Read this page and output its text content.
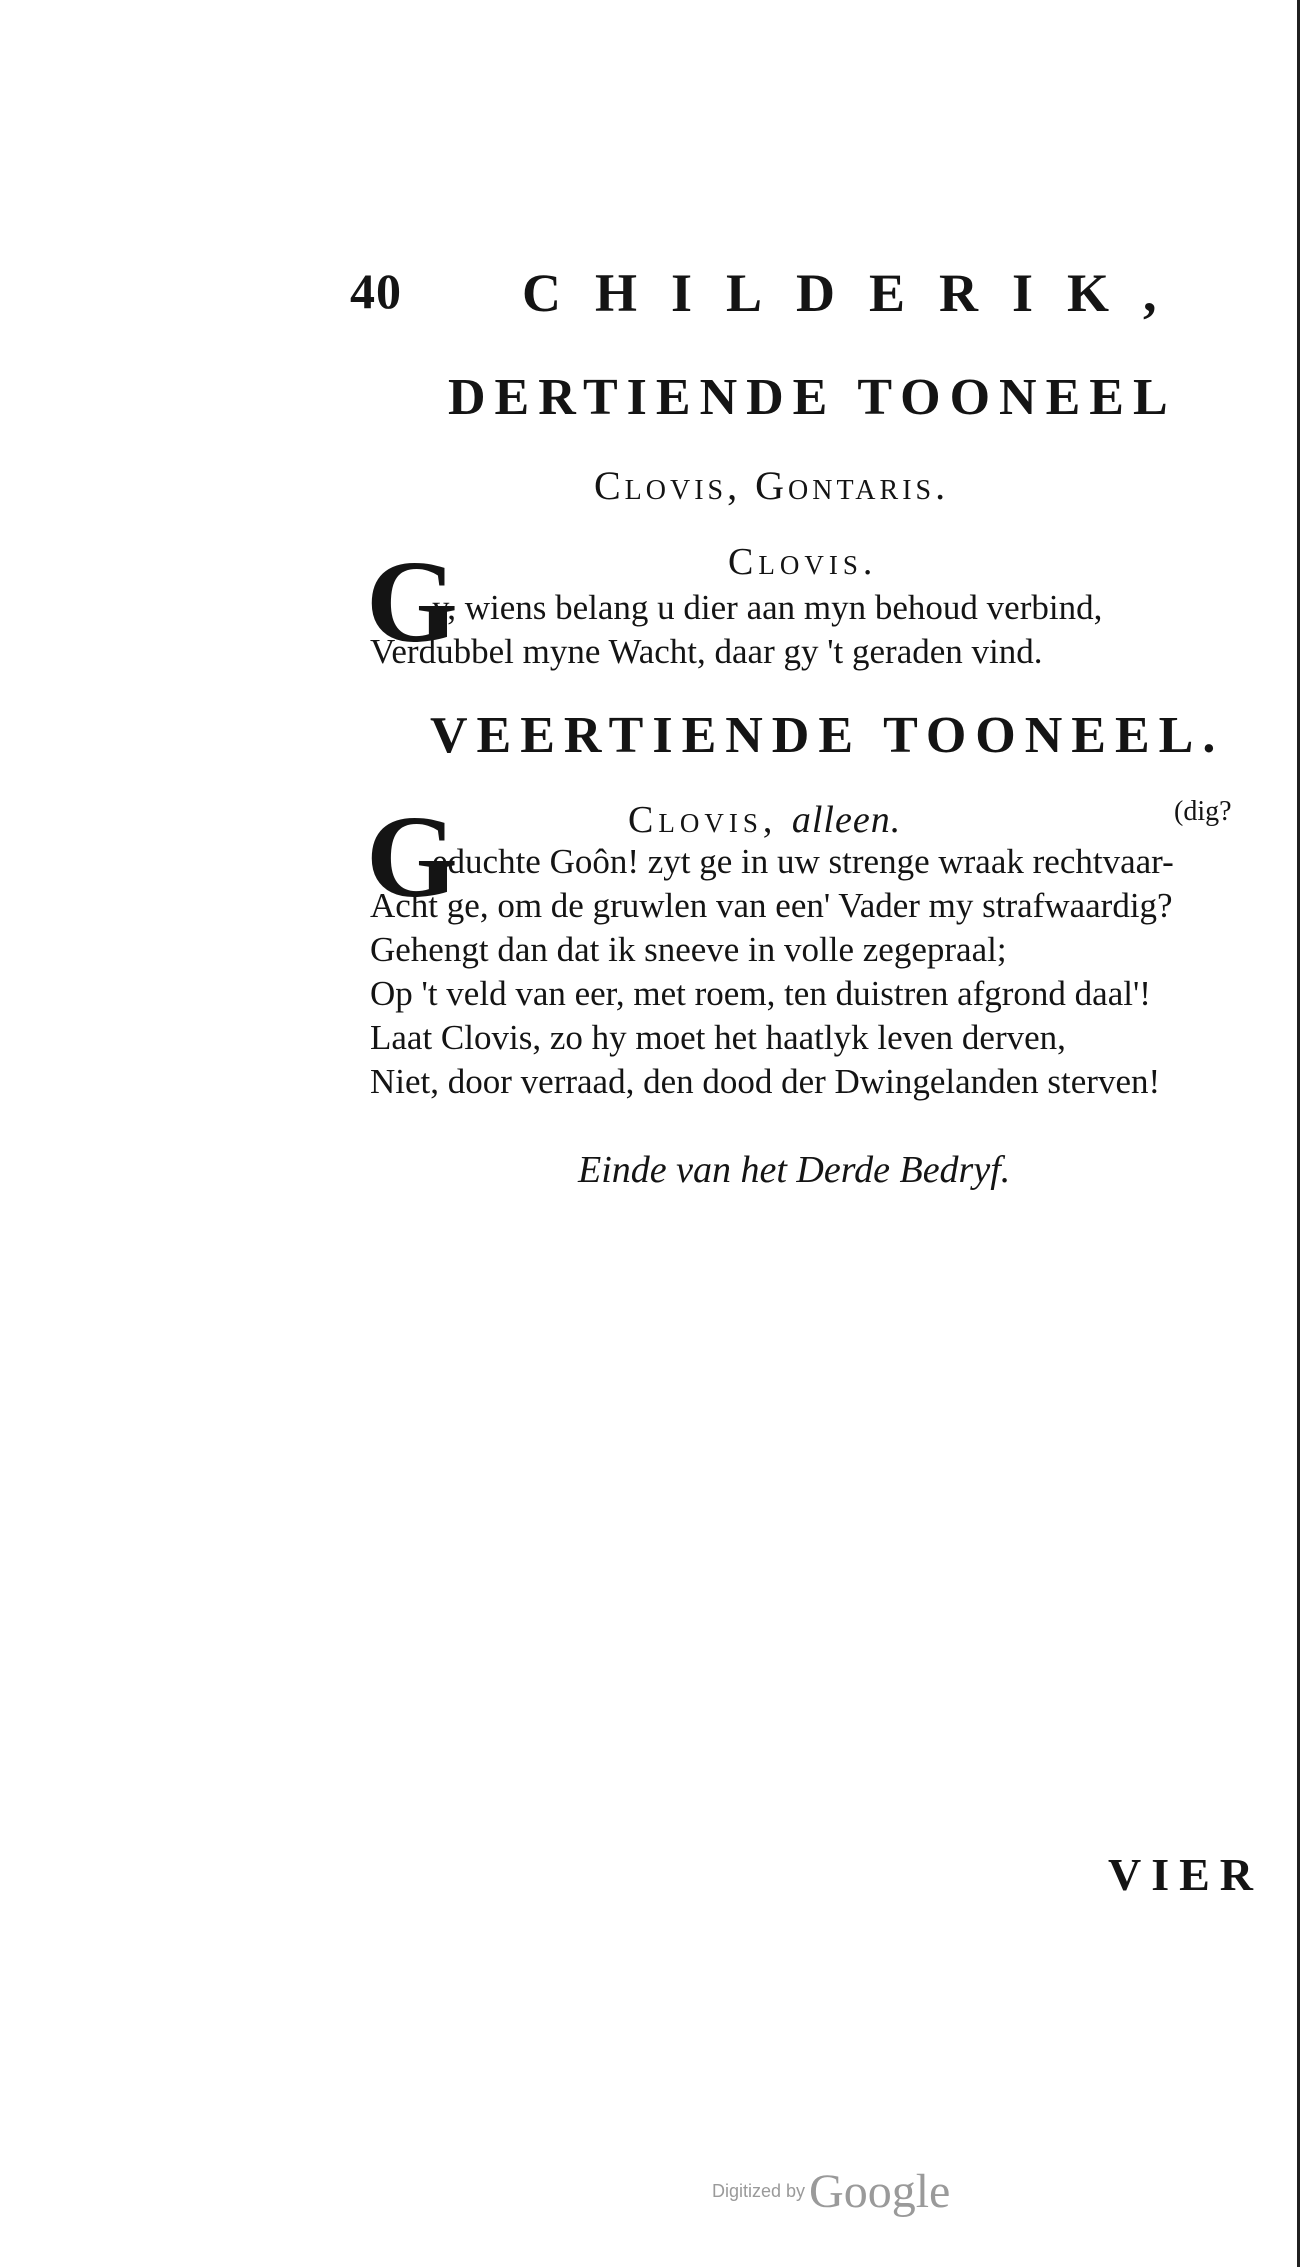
40 CHILDERIK,
DERTIENDE TOONEEL
Clovis, Gontaris.
Clovis.
G
y, wiens belang u dier aan myn behoud verbind,
Verdubbel myne Wacht, daar gy 't geraden vind.
VEERTIENDE TOONEEL.
Clovis, alleen.	(dig?
G
educhte Goôn! zyt ge in uw strenge wraak rechtvaar-
Acht ge, om de gruwlen van een' Vader my strafwaardig?
Gehengt dan dat ik sneeve in volle zegepraal;
Op 't veld van eer, met roem, ten duistren afgrond daal'!
Laat Clovis, zo hy moet het haatlyk leven derven,
Niet, door verraad, den dood der Dwingelanden sterven!
Einde van het Derde Bedryf.
VIER
Digitized by Google
